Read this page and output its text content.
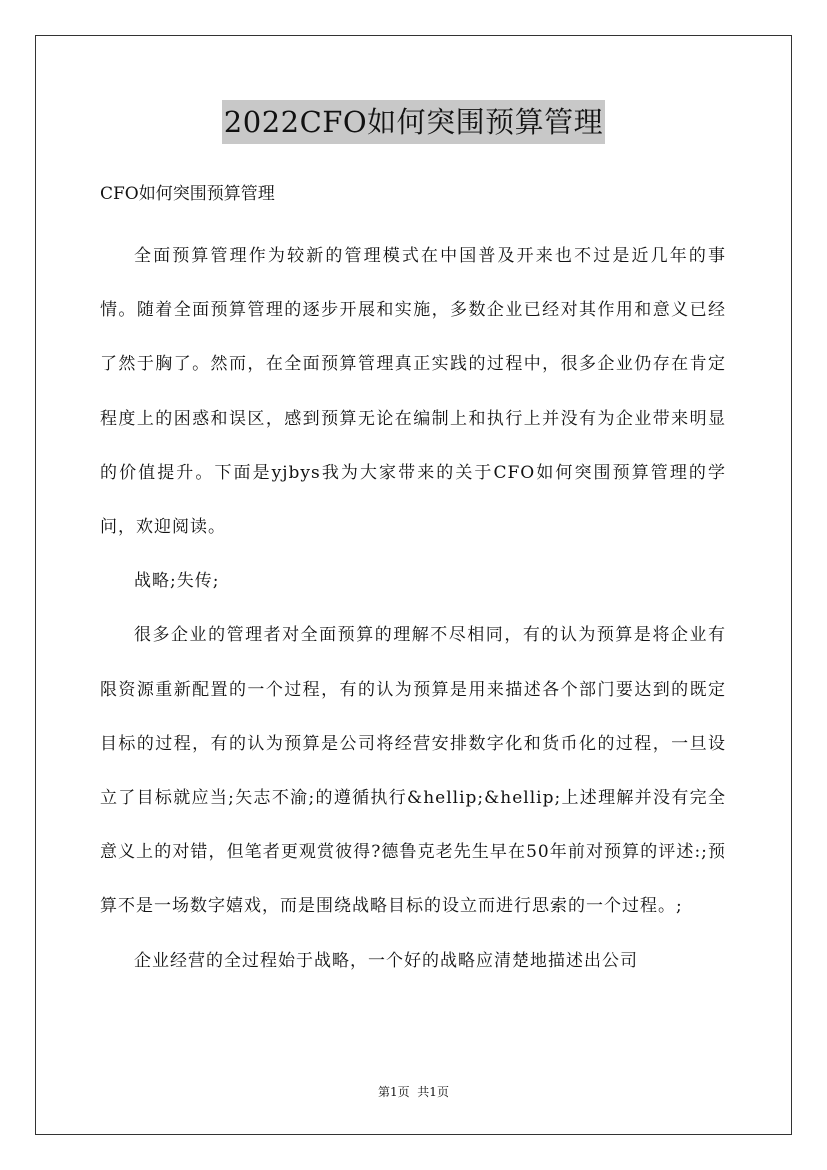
2022CFO如何突围预算管理

CFO如何突围预算管理

全面预算管理作为较新的管理模式在中国普及开来也不过是近几年的事情。随着全面预算管理的逐步开展和实施，多数企业已经对其作用和意义已经了然于胸了。然而，在全面预算管理真正实践的过程中，很多企业仍存在肯定程度上的困惑和误区，感到预算无论在编制上和执行上并没有为企业带来明显的价值提升。下面是yjbys我为大家带来的关于CFO如何突围预算管理的学问，欢迎阅读。

战略;失传;

很多企业的管理者对全面预算的理解不尽相同，有的认为预算是将企业有限资源重新配置的一个过程，有的认为预算是用来描述各个部门要达到的既定目标的过程，有的认为预算是公司将经营安排数字化和货币化的过程，一旦设立了目标就应当;矢志不渝;的遵循执行&hellip;&hellip;上述理解并没有完全意义上的对错，但笔者更观赏彼得?德鲁克老先生早在50年前对预算的评述:;预算不是一场数字嬉戏，而是围绕战略目标的设立而进行思索的一个过程。;

企业经营的全过程始于战略，一个好的战略应清楚地描述出公司

第1页  共1页
